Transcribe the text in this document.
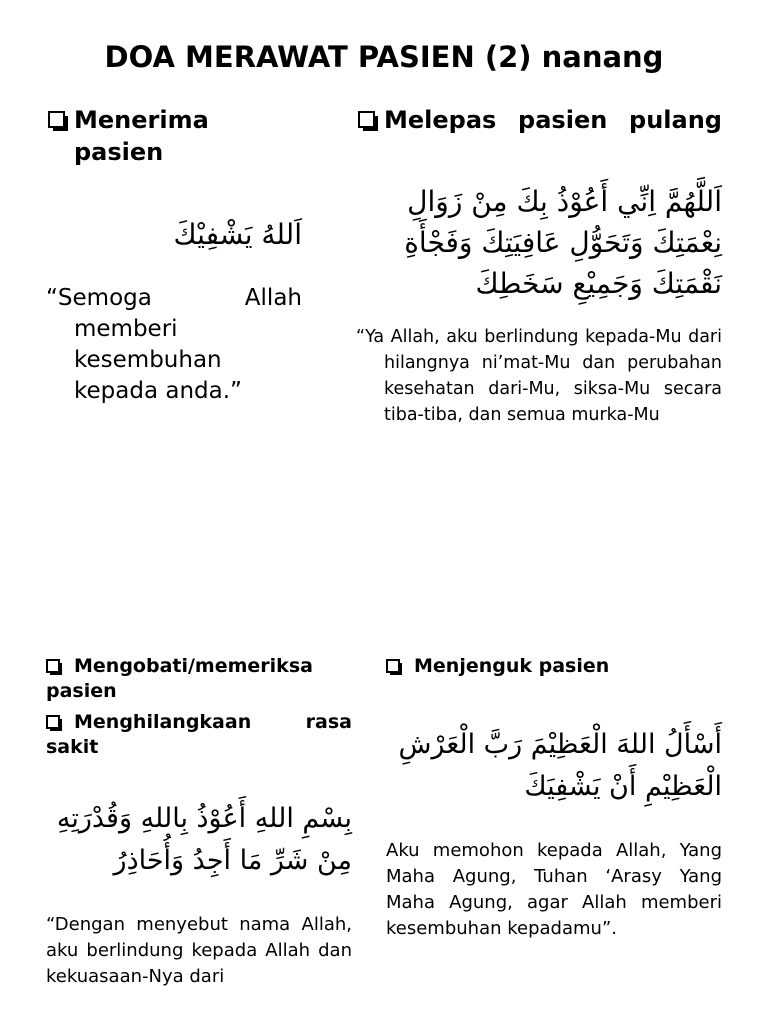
DOA MERAWAT PASIEN (2) nanang
Menerima pasien
اَللهُ يَشْفِيْكَ
“Semoga Allah memberi kesembuhan kepada anda.”
Melepas pasien pulang
اَللَّهُمَّ اِنِّي أَعُوْذُ بِكَ مِنْ زَوَالِ نِعْمَتِكَ وَتَحَوُّلِ عَافِيَتِكَ وَفَجْأَةِ نَقْمَتِكَ وَجَمِيْعِ سَخَطِكَ
“Ya Allah, aku berlindung kepada-Mu dari hilangnya ni’mat-Mu dan perubahan kesehatan dari-Mu, siksa-Mu secara tiba-tiba, dan semua murka-Mu
Mengobati/memeriksa pasien
Menghilangkaan rasa sakit
بِسْمِ اللهِ أَعُوْذُ بِاللهِ وَقُدْرَتِهِ مِنْ شَرِّ مَا أَجِدُ وَأُحَاذِرُ
“Dengan menyebut nama Allah, aku berlindung kepada Allah dan kekuasaan-Nya dari
Menjenguk pasien
أَسْأَلُ اللهَ الْعَظِيْمَ رَبَّ الْعَرْشِ الْعَظِيْمِ أَنْ يَشْفِيَكَ
Aku memohon kepada Allah, Yang Maha Agung, Tuhan ‘Arasy Yang Maha Agung, agar Allah memberi kesembuhan kepadamu”.
